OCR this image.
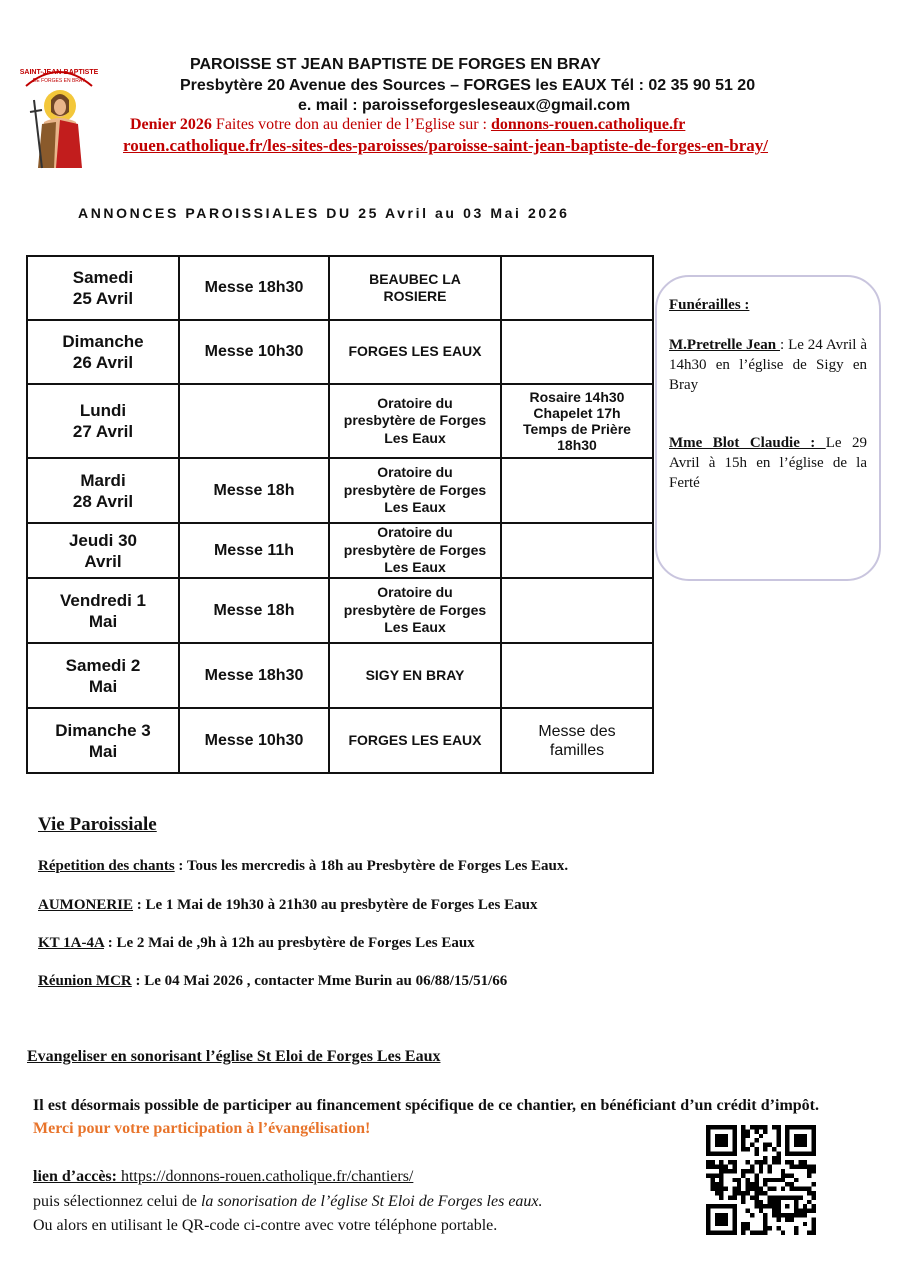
SAINT-JEAN-BAPTISTE
DE FORGES EN BRAY
PAROISSE ST JEAN BAPTISTE DE FORGES EN BRAY
Presbytère 20 Avenue des Sources – FORGES les EAUX Tél : 02 35 90 51 20
e. mail : paroisseforgesleseaux@gmail.com
Denier 2026 Faites votre don au denier de l’Eglise sur : donnons-rouen.catholique.fr
rouen.catholique.fr/les-sites-des-paroisses/paroisse-saint-jean-baptiste-de-forges-en-bray/
ANNONCES PAROISSIALES DU 25 Avril au 03 Mai 2026
Samedi
25 Avril	Messe 18h30	BEAUBEC LA
ROSIERE	
Dimanche
26 Avril	Messe 10h30	FORGES LES EAUX	
Lundi
27 Avril		Oratoire du
presbytère de Forges
Les Eaux	Rosaire 14h30
Chapelet 17h
Temps de Prière
18h30
Mardi
28 Avril	Messe 18h	Oratoire du
presbytère de Forges
Les Eaux	
Jeudi 30
Avril	Messe 11h	Oratoire du
presbytère de Forges
Les Eaux	
Vendredi 1
Mai	Messe 18h	Oratoire du
presbytère de Forges
Les Eaux	
Samedi 2
Mai	Messe 18h30	SIGY EN BRAY	
Dimanche 3
Mai	Messe 10h30	FORGES LES EAUX	Messe des
familles
Funérailles :

M.Pretrelle Jean : Le 24 Avril à 14h30 en l’église de Sigy en Bray

Mme Blot Claudie : Le 29 Avril à 15h en l’église de la Ferté

Vie Paroissiale
Répetition des chants : Tous les mercredis à 18h au Presbytère de Forges Les Eaux.
AUMONERIE : Le 1 Mai de 19h30 à 21h30 au presbytère de Forges Les Eaux
KT 1A-4A : Le 2 Mai de ,9h à 12h au presbytère de Forges Les Eaux
Réunion MCR : Le 04 Mai 2026 , contacter Mme Burin au 06/88/15/51/66
Evangeliser en sonorisant l’église St Eloi de Forges Les Eaux
Il est désormais possible de participer au financement spécifique de ce chantier, en bénéficiant d’un crédit d’impôt. Merci pour votre participation à l’évangélisation!
lien d’accès: https://donnons-rouen.catholique.fr/chantiers/
puis sélectionnez celui de la sonorisation de l’église St Eloi de Forges les eaux.
Ou alors en utilisant le QR-code ci-contre avec votre téléphone portable.
